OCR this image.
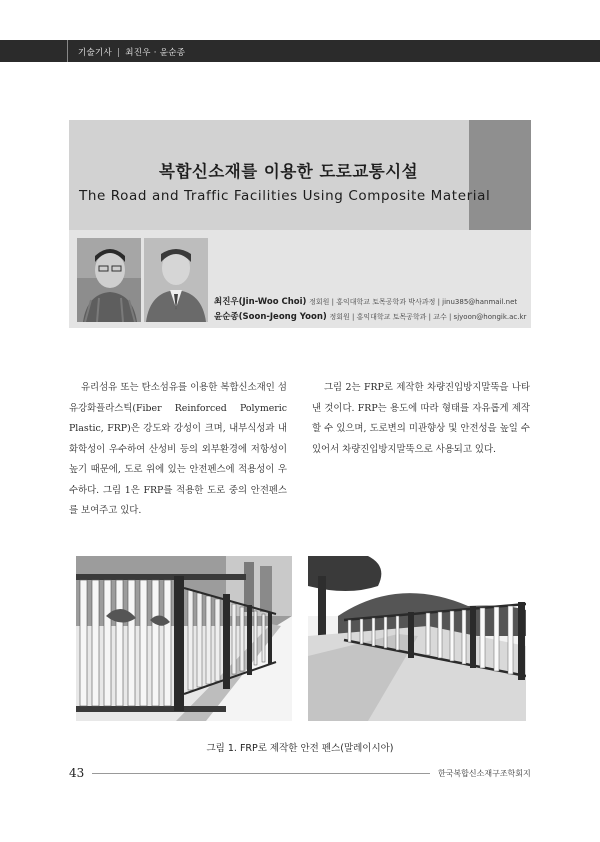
기술기사 | 최진우 · 윤순종
복합신소재를 이용한 도로교통시설
The Road and Traffic Facilities Using Composite Material
최진우(Jin-Woo Choi) 정회원 | 홍익대학교 토목공학과 박사과정 | jinu385@hanmail.net
윤순종(Soon-Jeong Yoon) 정회원 | 홍익대학교 토목공학과 | 교수 | sjyoon@hongik.ac.kr

유리섬유 또는 탄소섬유를 이용한 복합신소재인 섬유강화플라스틱(Fiber Reinforced Polymeric Plastic, FRP)은 강도와 강성이 크며, 내부식성과 내화학성이 우수하여 산성비 등의 외부환경에 저항성이 높기 때문에, 도로 위에 있는 안전펜스에 적용성이 우수하다. 그림 1은 FRP를 적용한 도로 중의 안전펜스를 보여주고 있다.

그림 2는 FRP로 제작한 차량진입방지말뚝을 나타낸 것이다. FRP는 용도에 따라 형태를 자유롭게 제작할 수 있으며, 도로변의 미관향상 및 안전성을 높일 수 있어서 차량진입방지말뚝으로 사용되고 있다.

그림 1. FRP로 제작한 안전 펜스(말레이시아)
43	한국복합신소재구조학회지
